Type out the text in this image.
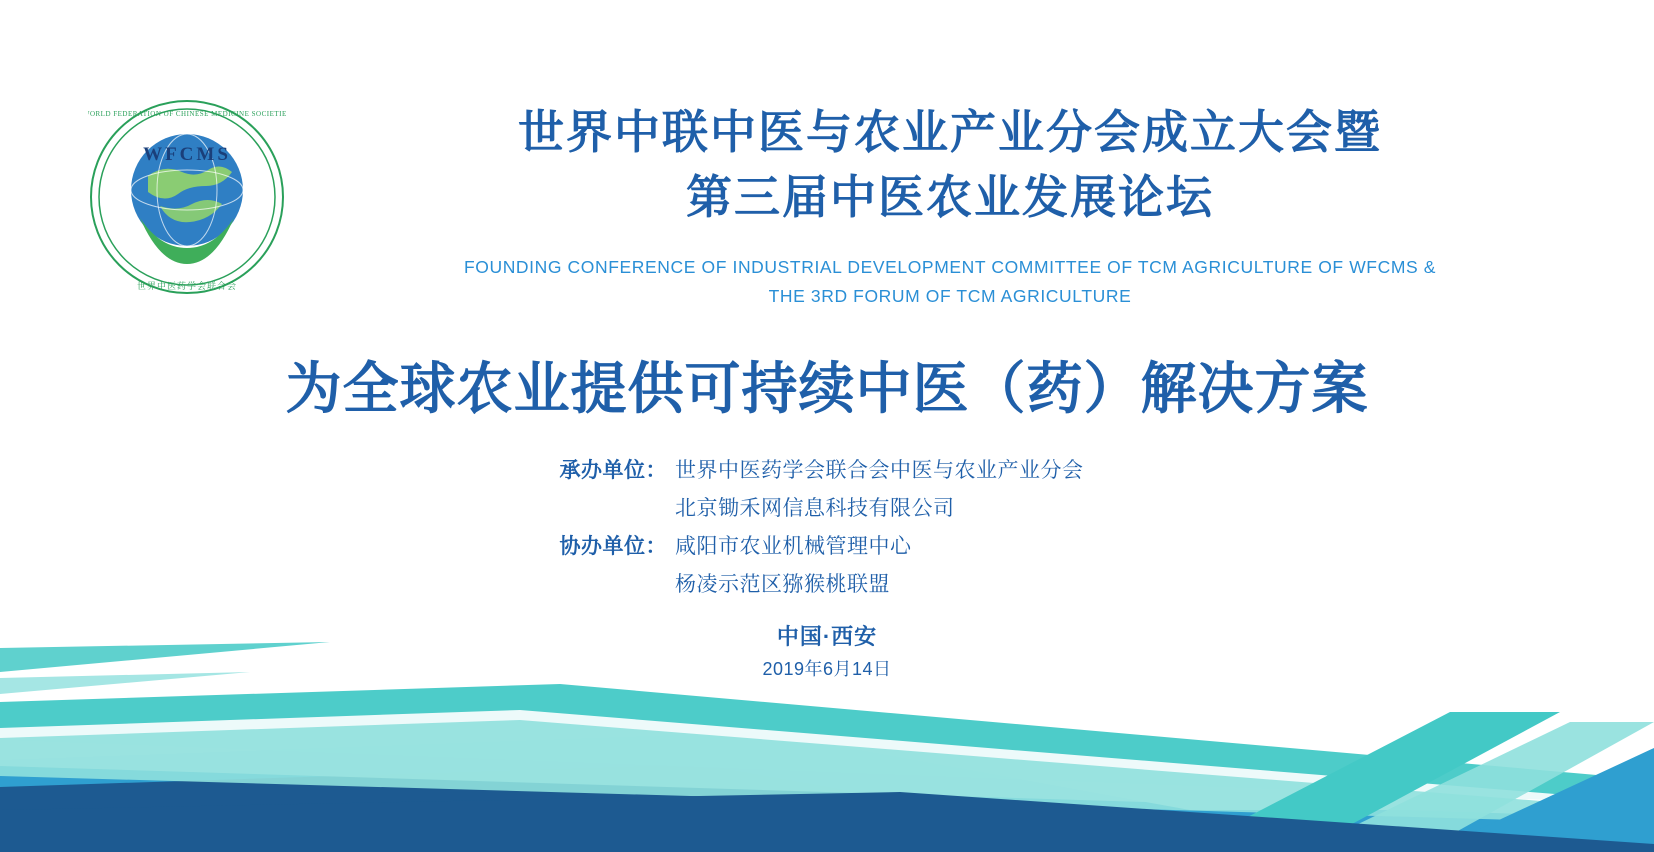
WFCMS
WORLD FEDERATION OF CHINESE MEDICINE SOCIETIES
世界中医药学会联合会
世界中联中医与农业产业分会成立大会暨
第三届中医农业发展论坛
FOUNDING CONFERENCE OF INDUSTRIAL DEVELOPMENT COMMITTEE OF TCM AGRICULTURE OF WFCMS &
THE 3RD FORUM OF TCM AGRICULTURE
为全球农业提供可持续中医（药）解决方案
承办单位： 世界中医药学会联合会中医与农业产业分会
北京锄禾网信息科技有限公司
协办单位： 咸阳市农业机械管理中心
杨凌示范区猕猴桃联盟
中国·西安
2019年6月14日
